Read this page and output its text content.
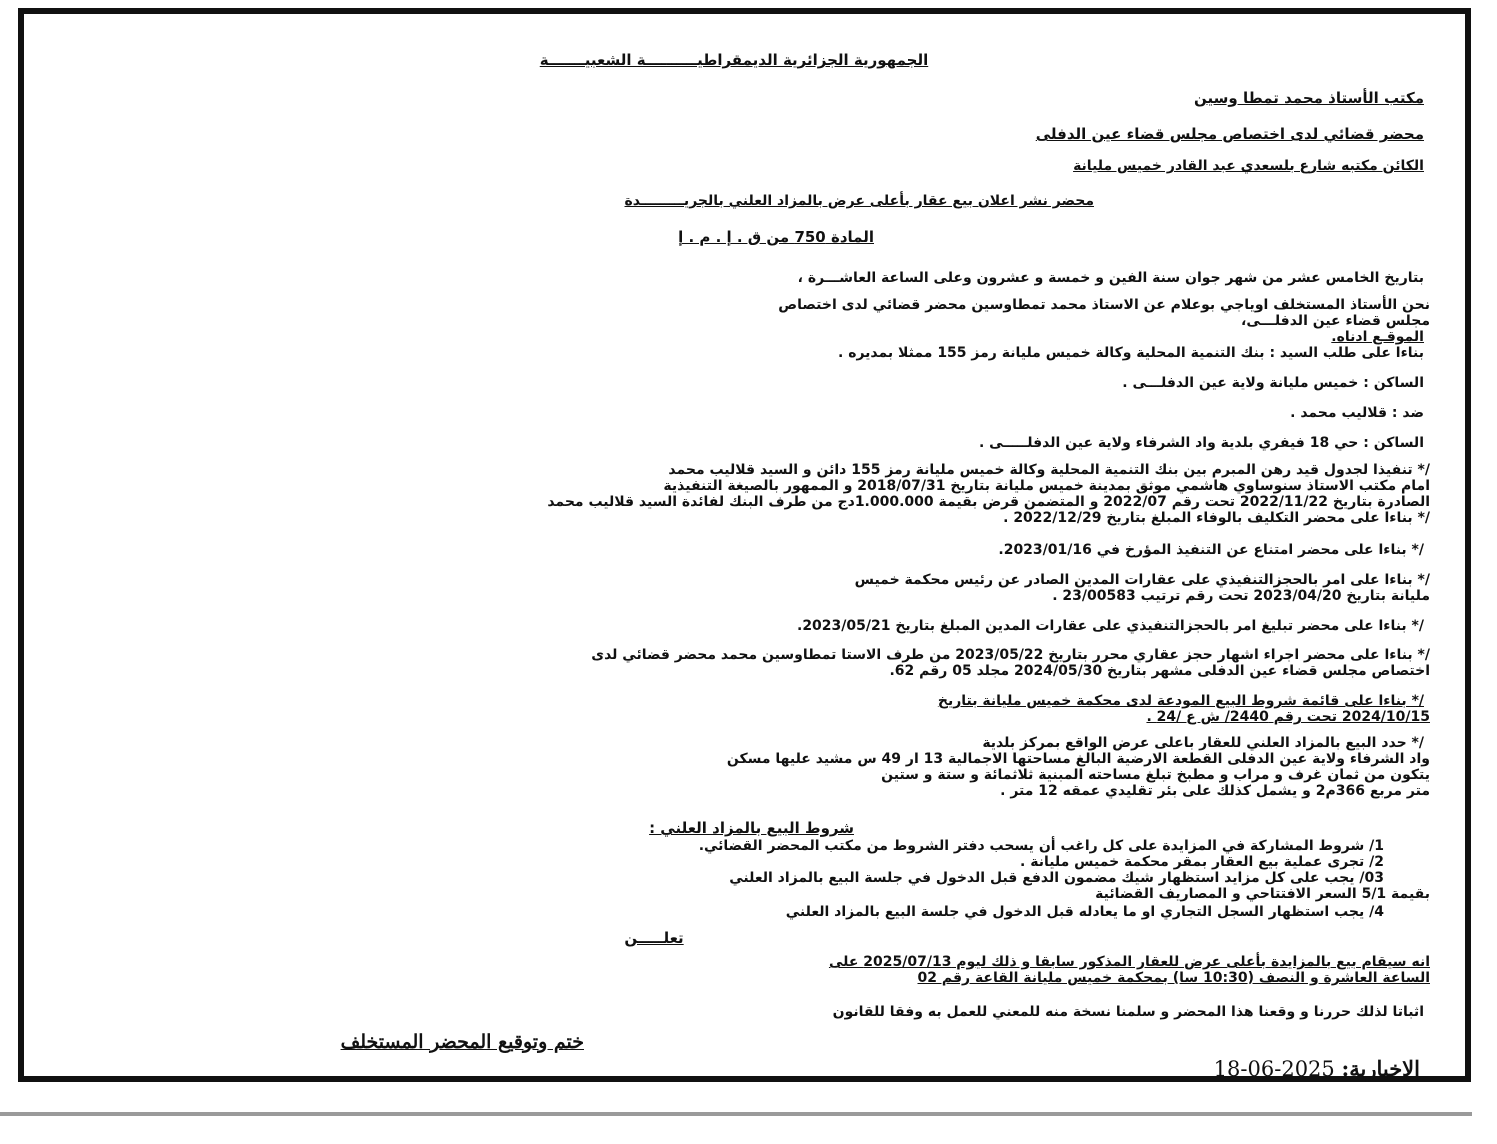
الجمهورية الجزائرية الديمقراطيــــــــــة الشعبيـــــــة
مكتب الأستاذ محمد تمطا وسين
محضر قضائي لدى اختصاص مجلس قضاء عين الدفلى
الكائن مكتبه شارع بلسعدي عبد القادر خميس مليانة
محضر نشر اعلان بيع عقار بأعلى عرض بالمزاد العلني بالجريـــــــــدة
المادة 750 من ق . إ . م . إ
بتاريخ الخامس عشر من شهر جوان سنة الفين و خمسة و عشرون وعلى الساعة العاشـــرة ،
نحن الأستاذ المستخلف اوياجي بوعلام عن الاستاذ محمد تمطاوسين محضر قضائي لدى اختصاص
مجلس قضاء عين الدفلـــى،
الموقـع ادناه.
بناءا على طلب السيد : بنك التنمية المحلية وكالة خميس مليانة رمز 155 ممثلا بمديره .
الساكن : خميس مليانة ولاية عين الدفلـــى .
ضد : قلاليب محمد .
الساكن : حي 18 فيفري بلدية واد الشرفاء ولاية عين الدفلـــــى .
/* تنفيذا لجدول قيد رهن المبرم بين بنك التنمية المحلية وكالة خميس مليانة رمز 155 دائن و السيد قلاليب محمد
امام مكتب الاستاذ سنوساوي هاشمي موثق بمدينة خميس مليانة بتاريخ 2018/07/31 و الممهور بالصيغة التنفيذية
الصادرة بتاريخ 2022/11/22 تحت رقم 2022/07 و المتضمن قرض بقيمة 1.000.000دج من طرف البنك لفائدة السيد قلاليب محمد
/* بناءا على محضر التكليف بالوفاء المبلغ بتاريخ 2022/12/29 .
/* بناءا على محضر امتناع عن التنفيذ المؤرخ في 2023/01/16.
/* بناءا على امر بالحجزالتنفيذي على عقارات المدين الصادر عن رئيس محكمة خميس
مليانة بتاريخ 2023/04/20 تحت رقم ترتيب 23/00583 .
/* بناءا على محضر تبليغ امر بالحجزالتنفيذي على عقارات المدين المبلغ بتاريخ 2023/05/21.
/* بناءا على محضر اجراء اشهار حجز عقاري محرر بتاريخ 2023/05/22 من طرف الاستا تمطاوسين محمد محضر قضائي لدى
اختصاص مجلس قضاء عين الدفلى مشهر بتاريخ 2024/05/30 مجلد 05 رقم 62.
/* بناءا على قائمة شروط البيع المودعة لدى محكمة خميس مليانة بتاريخ
2024/10/15 تحت رقم 2440/ ش ع /24 .
/* حدد البيع بالمزاد العلني للعقار باعلى عرض الواقع بمركز بلدية
واد الشرفاء ولاية عين الدفلى القطعة الارضية البالغ مساحتها الاجمالية 13 ار 49 س مشيد عليها مسكن
يتكون من ثمان غرف و مراب و مطبخ تبلغ مساحته المبنية ثلاثمائة و ستة و ستين
متر مربع 366م2 و يشمل كذلك على بئر تقليدي عمقه 12 متر .
شروط البيع بالمزاد العلني :
1/ شروط المشاركة في المزايدة على كل راغب أن يسحب دفتر الشروط من مكتب المحضر القضائي.
2/ تجرى عملية بيع العقار بمقر محكمة خميس مليانة .
03/ يجب على كل مزايد استظهار شيك مضمون الدفع قبل الدخول في جلسة البيع بالمزاد العلني
بقيمة 5/1 السعر الافتتاحي و المصاريف القضائية
4/ يجب استظهار السجل التجاري او ما يعادله قبل الدخول في جلسة البيع بالمزاد العلني
تعلـــــن
انه سيقام بيع بالمزايدة بأعلى عرض للعقار المذكور سابقا و ذلك ليوم 2025/07/13 على
الساعة العاشرة و النصف (10:30 سا) بمحكمة خميس مليانة القاعة رقم 02
اثباتا لذلك حررنا و وقعنا هذا المحضر و سلمنا نسخة منه للمعني للعمل به وفقا للقانون
ختم وتوقيع المحضر المستخلف
الإخبارية: 2025-06-18
